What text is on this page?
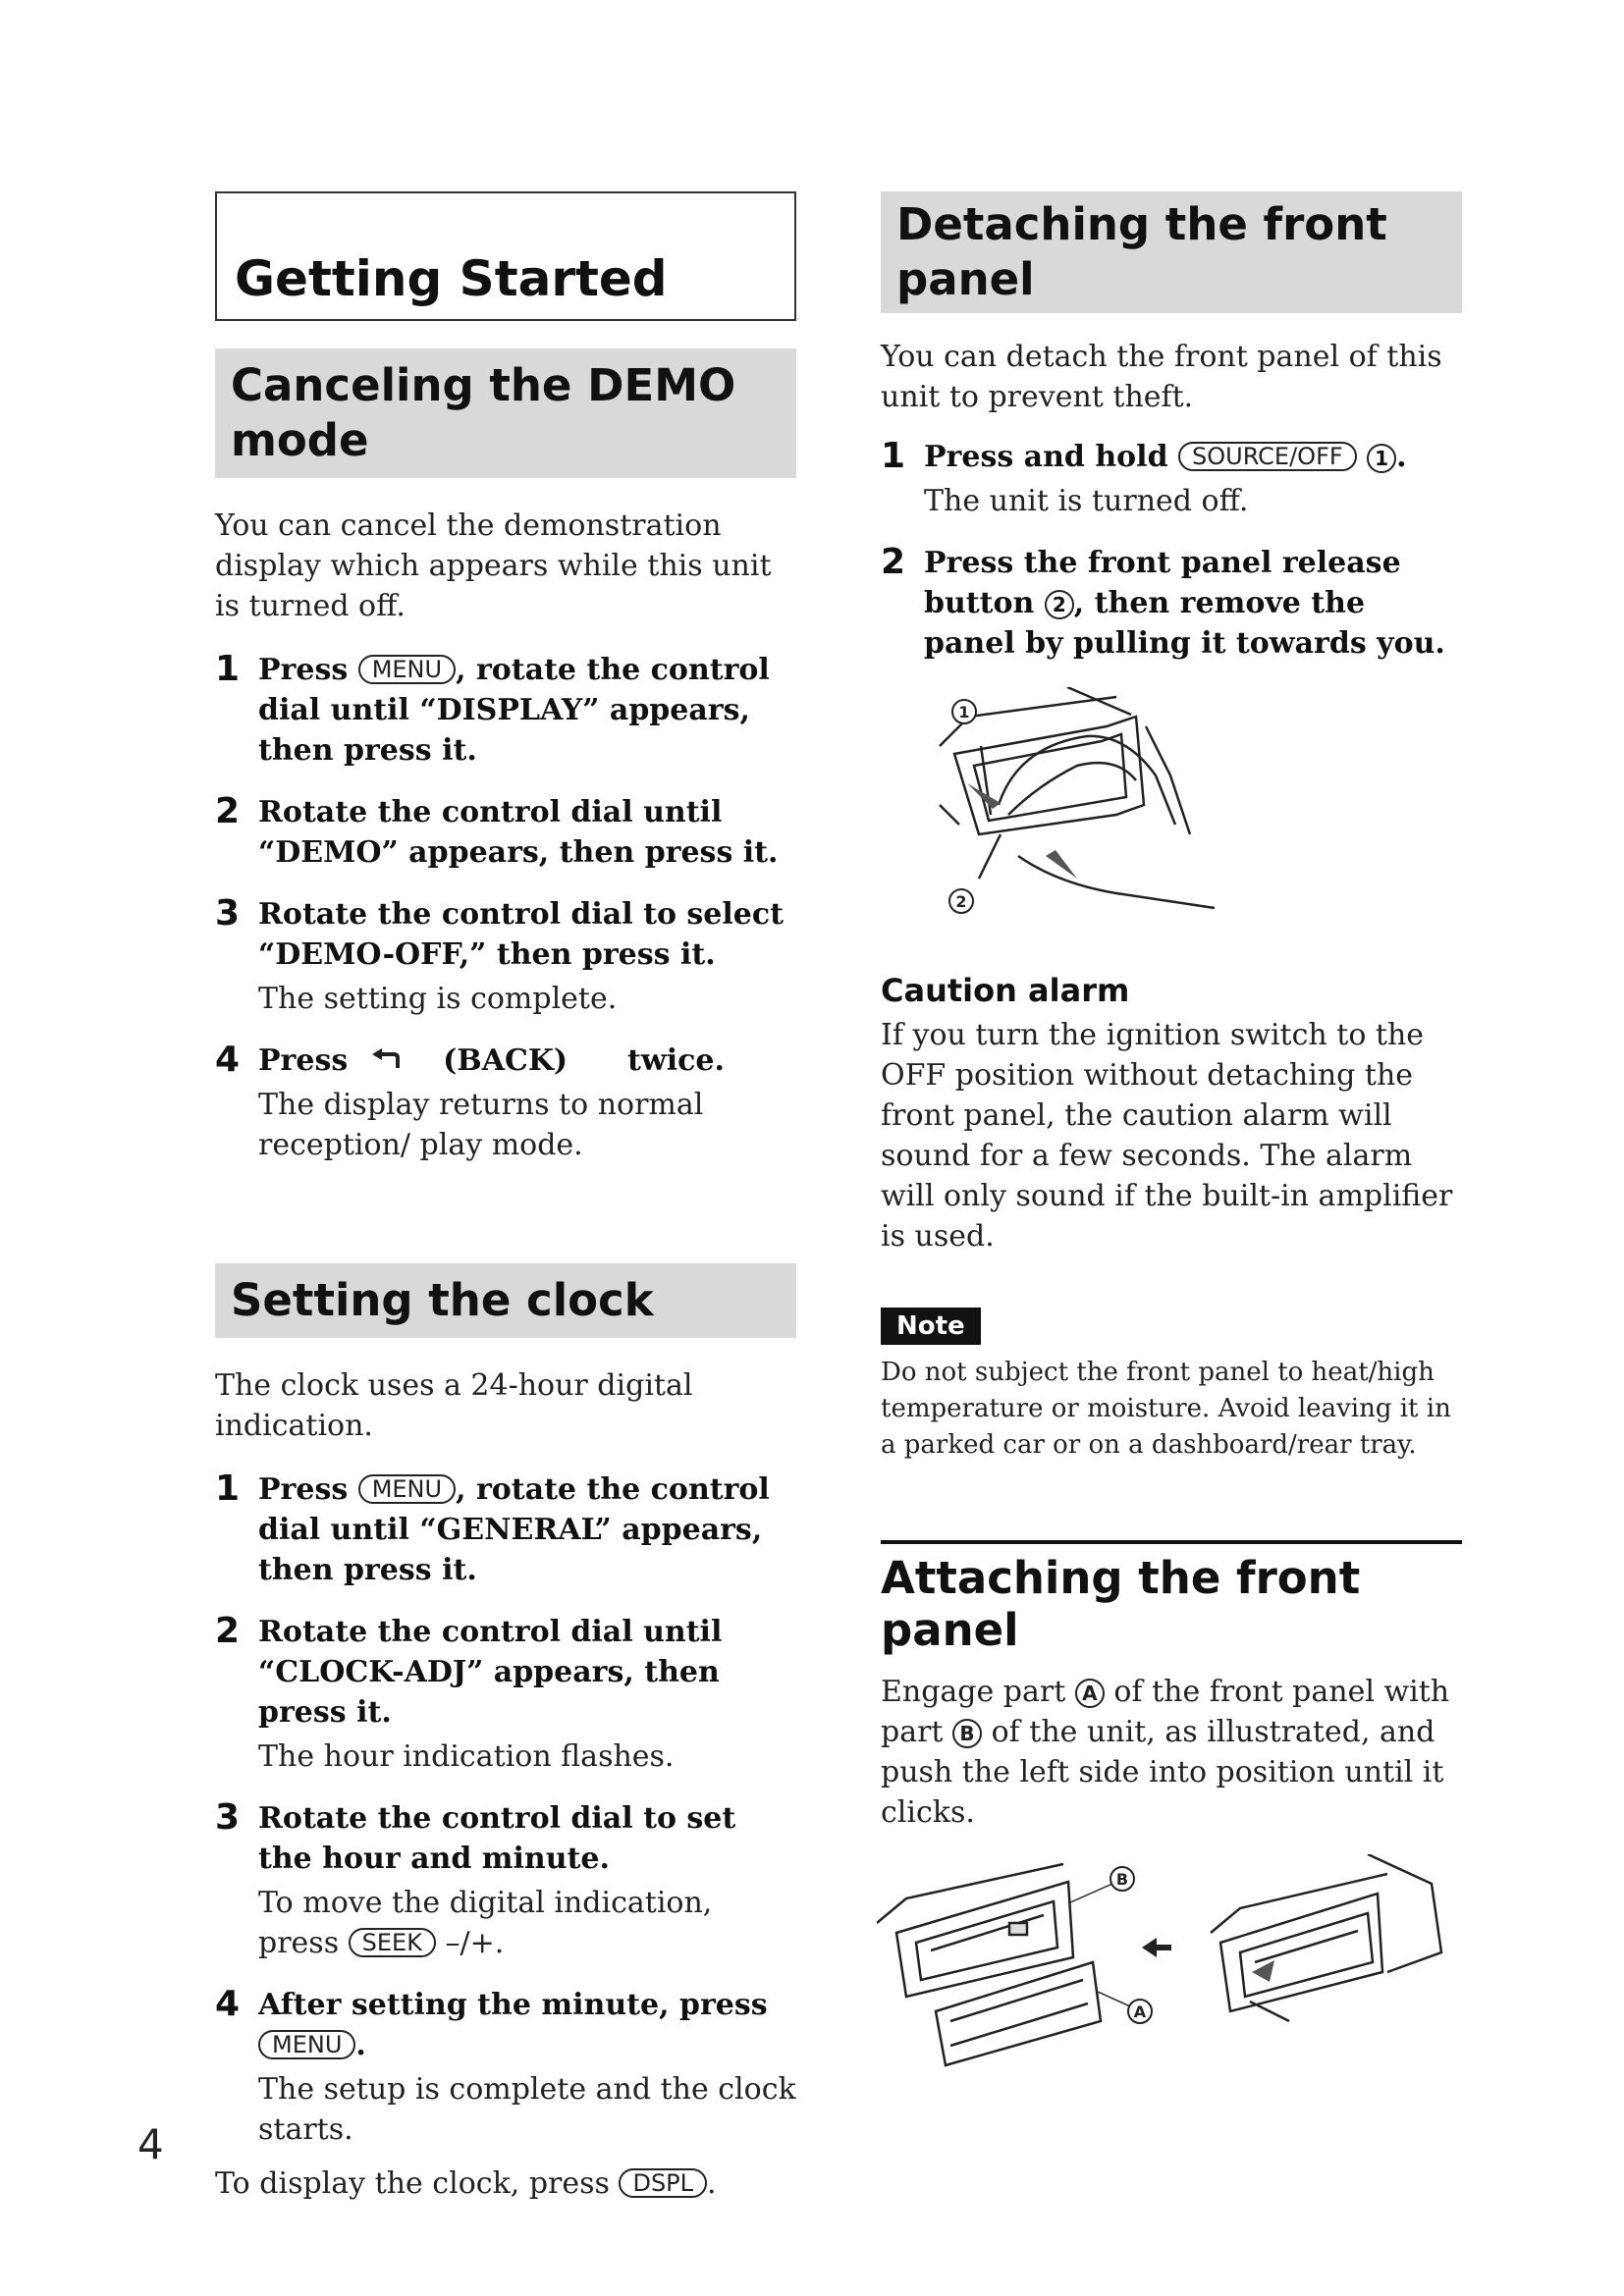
Getting Started
Canceling the DEMO mode

You can cancel the demonstration display which appears while this unit is turned off.

1 Press MENU , rotate the control dial until “DISPLAY” appears, then press it.

2 Rotate the control dial until “DEMO” appears, then press it.

3 Rotate the control dial to select “DEMO-OFF,” then press it.

The setting is complete.

4 Press	(BACK) twice.

The display returns to normal reception/ play mode.

Setting the clock

The clock uses a 24-hour digital indication.

1 Press MENU , rotate the control dial until “GENERAL” appears, then press it.

2 Rotate the control dial until “CLOCK-ADJ” appears, then press it.

The hour indication flashes.

3 Rotate the control dial to set the hour and minute.

To move the digital indication, press SEEK –/+.

4 After setting the minute, press MENU .

The setup is complete and the clock starts.

To display the clock, press DSPL .

Detaching the front panel

You can detach the front panel of this unit to prevent theft.

1 Press and hold SOURCE/OFF 1 .

The unit is turned off.

2 Press the front panel release button 2 , then remove the panel by pulling it towards you.

1
2

Caution alarm

If you turn the ignition switch to the OFF position without detaching the front panel, the caution alarm will sound for a few seconds. The alarm will only sound if the built-in amplifier is used.

Note

Do not subject the front panel to heat/high temperature or moisture. Avoid leaving it in a parked car or on a dashboard/rear tray.

Attaching the front panel

Engage part A of the front panel with part B of the unit, as illustrated, and push the left side into position until it clicks.

B
A

4
